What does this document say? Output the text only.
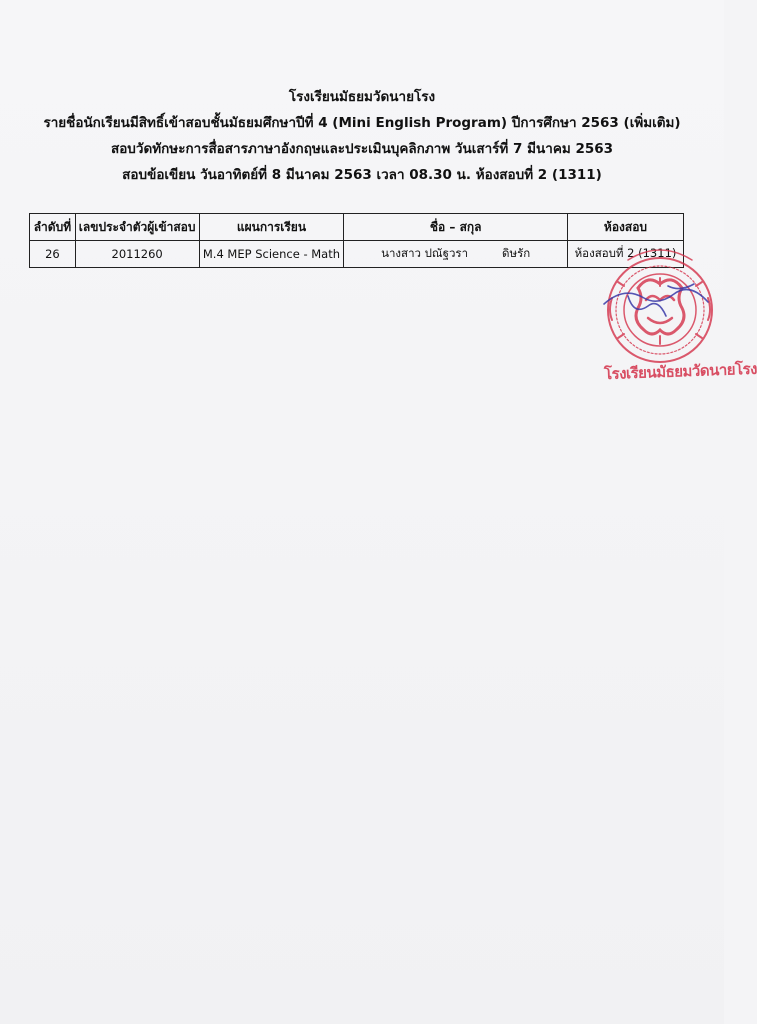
โรงเรียนมัธยมวัดนายโรง
รายชื่อนักเรียนมีสิทธิ์เข้าสอบชั้นมัธยมศึกษาปีที่ 4 (Mini English Program) ปีการศึกษา 2563 (เพิ่มเติม)
สอบวัดทักษะการสื่อสารภาษาอังกฤษและประเมินบุคลิกภาพ วันเสาร์ที่ 7 มีนาคม 2563
สอบข้อเขียน วันอาทิตย์ที่ 8 มีนาคม 2563 เวลา 08.30 น. ห้องสอบที่ 2 (1311)
ลำดับที่	เลขประจำตัวผู้เข้าสอบ	แผนการเรียน	ชื่อ – สกุล	ห้องสอบ
26	2011260	M.4 MEP Science - Math	นางสาว ปณัฐวรา ดิษรัก	ห้องสอบที่ 2 (1311)
โรงเรียนมัธยมวัดนายโรง
